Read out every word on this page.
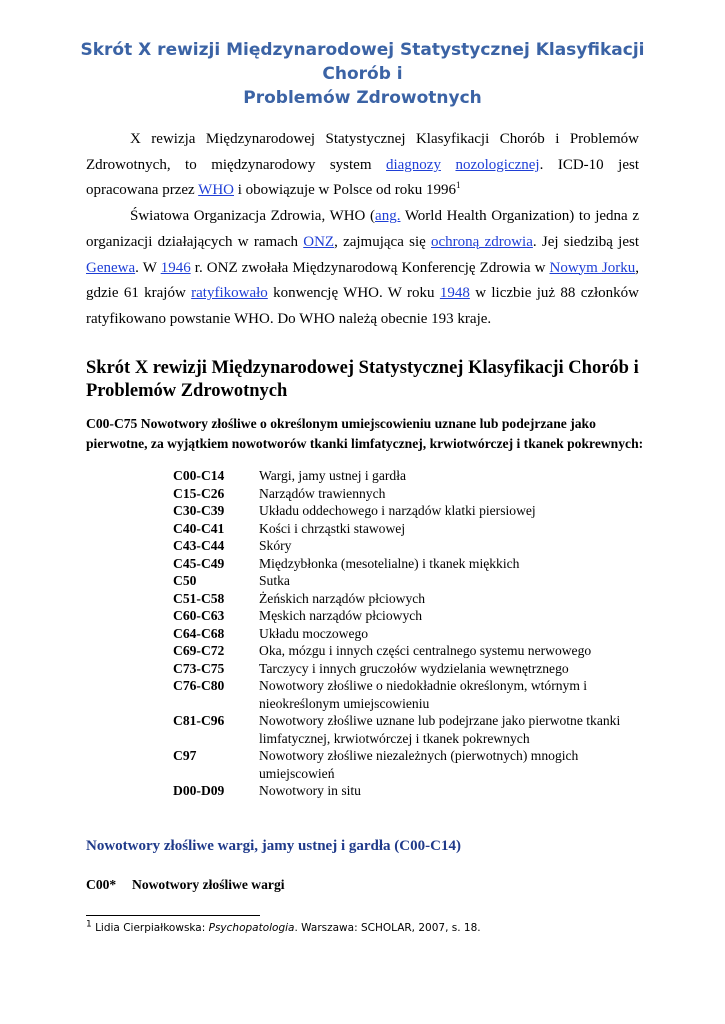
Skrót X rewizji Międzynarodowej Statystycznej Klasyfikacji Chorób i
Problemów Zdrowotnych

X rewizja Międzynarodowej Statystycznej Klasyfikacji Chorób i Problemów Zdrowotnych, to międzynarodowy system diagnozy nozologicznej. ICD-10 jest opracowana przez WHO i obowiązuje w Polsce od roku 1996$^1$

Światowa Organizacja Zdrowia, WHO (ang. World Health Organization) to jedna z organizacji działających w ramach ONZ, zajmująca się ochroną zdrowia. Jej siedzibą jest Genewa. W 1946 r. ONZ zwołała Międzynarodową Konferencję Zdrowia w Nowym Jorku, gdzie 61 krajów ratyfikowało konwencję WHO. W roku 1948 w liczbie już 88 członków ratyfikowano powstanie WHO. Do WHO należą obecnie 193 kraje.

Skrót X rewizji Międzynarodowej Statystycznej Klasyfikacji Chorób i Problemów Zdrowotnych
C00-C75 Nowotwory złośliwe o określonym umiejscowieniu uznane lub podejrzane jako pierwotne, za wyjątkiem nowotworów tkanki limfatycznej, krwiotwórczej i tkanek pokrewnych:
C00-C14	Wargi, jamy ustnej i gardła
C15-C26	Narządów trawiennych
C30-C39	Układu oddechowego i narządów klatki piersiowej
C40-C41	Kości i chrząstki stawowej
C43-C44	Skóry
C45-C49	Międzybłonka (mesotelialne) i tkanek miękkich
C50	Sutka
C51-C58	Żeńskich narządów płciowych
C60-C63	Męskich narządów płciowych
C64-C68	Układu moczowego
C69-C72	Oka, mózgu i innych części centralnego systemu nerwowego
C73-C75	Tarczycy i innych gruczołów wydzielania wewnętrznego
C76-C80	Nowotwory złośliwe o niedokładnie określonym, wtórnym i nieokreślonym umiejscowieniu
C81-C96	Nowotwory złośliwe uznane lub podejrzane jako pierwotne tkanki limfatycznej, krwiotwórczej i tkanek pokrewnych
C97	Nowotwory złośliwe niezależnych (pierwotnych) mnogich umiejscowień
D00-D09	Nowotwory in situ
Nowotwory złośliwe wargi, jamy ustnej i gardła (C00-C14)
C00* Nowotwory złośliwe wargi
$^1$ Lidia Cierpiałkowska: Psychopatologia. Warszawa: SCHOLAR, 2007, s. 18.
